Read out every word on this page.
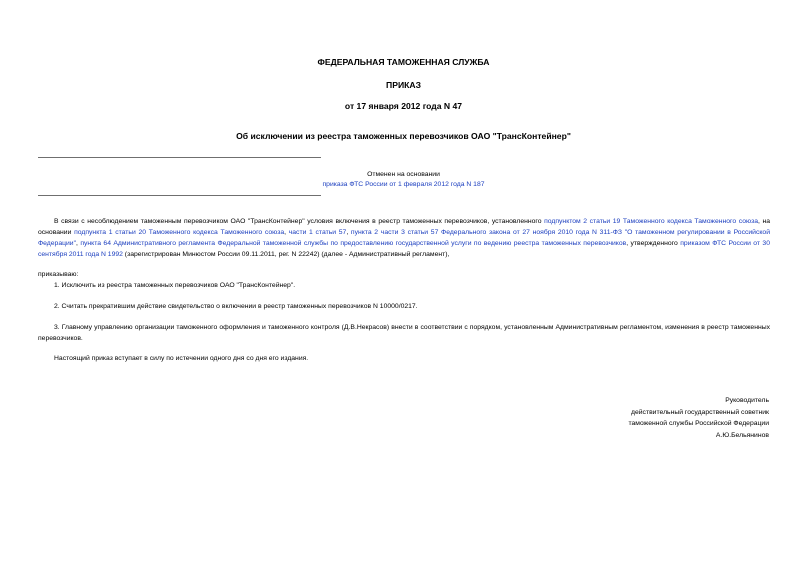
ФЕДЕРАЛЬНАЯ ТАМОЖЕННАЯ СЛУЖБА
ПРИКАЗ
от 17 января 2012 года N 47
Об исключении из реестра таможенных перевозчиков ОАО "ТрансКонтейнер"
Отменен на основании
приказа ФТС России от 1 февраля 2012 года N 187
В связи с несоблюдением таможенным перевозчиком ОАО "ТрансКонтейнер" условия включения в реестр таможенных перевозчиков, установленного подпунктом 2 статьи 19 Таможенного кодекса Таможенного союза, на основании подпункта 1 статьи 20 Таможенного кодекса Таможенного союза, части 1 статьи 57, пункта 2 части 3 статьи 57 Федерального закона от 27 ноября 2010 года N 311-ФЗ "О таможенном регулировании в Российской Федерации", пункта 64 Административного регламента Федеральной таможенной службы по предоставлению государственной услуги по ведению реестра таможенных перевозчиков, утвержденного приказом ФТС России от 30 сентября 2011 года N 1992 (зарегистрирован Минюстом России 09.11.2011, рег. N 22242) (далее - Административный регламент),
приказываю:
1. Исключить из реестра таможенных перевозчиков ОАО "ТрансКонтейнер".
2. Считать прекратившим действие свидетельство о включении в реестр таможенных перевозчиков N 10000/0217.
3. Главному управлению организации таможенного оформления и таможенного контроля (Д.В.Некрасов) внести в соответствии с порядком, установленным Административным регламентом, изменения в реестр таможенных перевозчиков.
Настоящий приказ вступает в силу по истечении одного дня со дня его издания.
Руководитель
действительный государственный советник
таможенной службы Российской Федерации
А.Ю.Бельянинов
